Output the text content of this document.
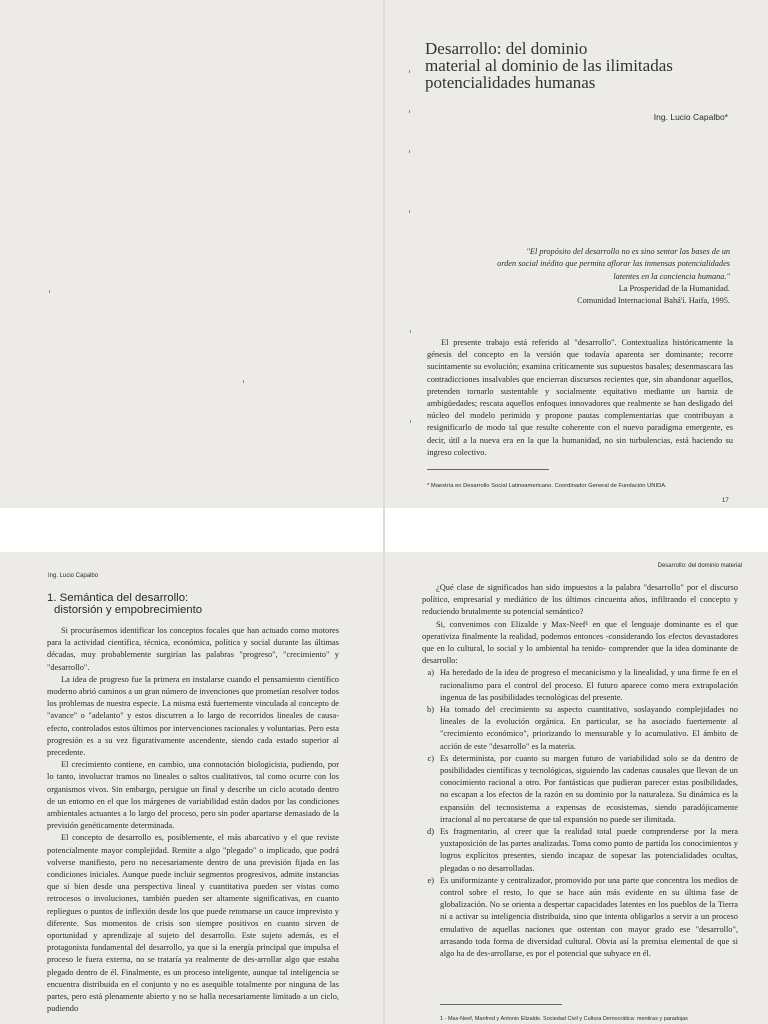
Desarrollo: del dominio
material al dominio de las ilimitadas
potencialidades humanas
Ing. Lucio Capalbo*
"El propósito del desarrollo no es sino sentar las bases de un
orden social inédito que permita aflorar las inmensas potencialidades
latentes en la conciencia humana."
La Prosperidad de la Humanidad.
Comunidad Internacional Bahá'í. Haifa, 1995.

El presente trabajo está referido al "desarrollo". Contextualiza históricamente la génesis del concepto en la versión que todavía aparenta ser dominante; recorre sucintamente su evolución; examina críticamente sus supuestos basales; desenmascara las contradicciones insalvables que encierran discursos recientes que, sin abandonar aquellos, pretenden tornarlo sustentable y socialmente equitativo mediante un barniz de ambigüedades; rescata aquellos enfoques innovadores que realmente se han desligado del núcleo del modelo perimido y propone pautas complementarias que contribuyan a resignificarlo de modo tal que resulte coherente con el nuevo paradigma emergente, es decir, útil a la nueva era en la que la humanidad, no sin turbulencias, está haciendo su ingreso colectivo.

* Maestría en Desarrollo Social Latinoamericano. Coordinador General de Fundación UNIDA.
17
Ing. Lucio Capalbo
1. Semántica del desarrollo:
distorsión y empobrecimiento

Si procurásemos identificar los conceptos focales que han actuado como motores para la actividad científica, técnica, económica, política y social durante las últimas décadas, muy probablemente surgirían las palabras "progreso", "crecimiento" y "desarrollo".

La idea de progreso fue la primera en instalarse cuando el pensamiento científico moderno abrió caminos a un gran número de invenciones que prometían resolver todos los problemas de nuestra especie. La misma está fuertemente vinculada al concepto de "avance" o "adelanto" y estos discurren a lo largo de recorridos lineales de causa-efecto, controlados estos últimos por intervenciones racionales y voluntarias. Pero esta progresión es a su vez figurativamente ascendente, siendo cada estado superior al precedente.

El crecimiento contiene, en cambio, una connotación biologicista, pudiendo, por lo tanto, involucrar tramos no lineales o saltos cualitativos, tal como ocurre con los organismos vivos. Sin embargo, persigue un final y describe un ciclo acotado dentro de un entorno en el que los márgenes de variabilidad están dados por las condiciones ambientales actuantes a lo largo del proceso, pero sin poder apartarse demasiado de la previsión genéticamente determinada.

El concepto de desarrollo es, posiblemente, el más abarcativo y el que reviste potencialmente mayor complejidad. Remite a algo "plegado" o implicado, que podrá volverse manifiesto, pero no necesariamente dentro de una previsión fijada en las condiciones iniciales. Aunque puede incluir segmentos progresivos, admite instancias que si bien desde una perspectiva lineal y cuantitativa pueden ser vistas como retrocesos o involuciones, también pueden ser altamente significativas, en cuanto repliegues o puntos de inflexión desde los que puede retomarse un cauce imprevisto y diferente. Sus momentos de crisis son siempre positivos en cuanto sirven de oportunidad y aprendizaje al sujeto del desarrollo. Este sujeto además, es el protagonista fundamental del desarrollo, ya que si la energía principal que impulsa el proceso le fuera externa, no se trataría ya realmente de des-arrollar algo que estaba plegado dentro de él. Finalmente, es un proceso inteligente, aunque tal inteligencia se encuentra distribuida en el conjunto y no es asequible totalmente por ninguna de las partes, pero está plenamente abierto y no se halla necesariamente limitado a un ciclo, pudiendo

Desarrollo: del dominio material

¿Qué clase de significados han sido impuestos a la palabra "desarrollo" por el discurso político, empresarial y mediático de los últimos cincuenta años, infiltrando el concepto y reduciendo brutalmente su potencial semántico?

Si, convenimos con Elizalde y Max-Neef¹ en que el lenguaje dominante es el que operativiza finalmente la realidad, podemos entonces -considerando los efectos devastadores que en lo cultural, lo social y lo ambiental ha tenido- comprender que la idea dominante de desarrollo:

a) Ha heredado de la idea de progreso el mecanicismo y la linealidad, y una firme fe en el racionalismo para el control del proceso. El futuro aparece como mera extrapolación ingenua de las posibilidades tecnológicas del presente.
b) Ha tomado del crecimiento su aspecto cuantitativo, soslayando complejidades no lineales de la evolución orgánica. En particular, se ha asociado fuertemente al "crecimiento económico", priorizando lo mensurable y lo acumulativo. El ámbito de acción de este "desarrollo" es la materia.
c) Es determinista, por cuanto su margen futuro de variabilidad solo se da dentro de posibilidades científicas y tecnológicas, siguiendo las cadenas causales que llevan de un conocimiento racional a otro. Por fantásticas que pudieran parecer estas posibilidades, no escapan a los efectos de la razón en su dominio por la naturaleza. Su dinámica es la expansión del tecnosistema a expensas de ecosistemas, siendo paradójicamente irracional al no percatarse de que tal expansión no puede ser ilimitada.
d) Es fragmentario, al creer que la realidad total puede comprenderse por la mera yuxtaposición de las partes analizadas. Toma como punto de partida los conocimientos y logros explícitos presentes, siendo incapaz de sopesar las potencialidades ocultas, plegadas o no desarrolladas.
e) Es uniformizante y centralizador, promovido por una parte que concentra los medios de control sobre el resto, lo que se hace aún más evidente en su última fase de globalización. No se orienta a despertar capacidades latentes en los pueblos de la Tierra ni a activar su inteligencia distribuida, sino que intenta obligarlos a servir a un proceso emulativo de aquellas naciones que ostentan con mayor grado ese "desarrollo", arrasando toda forma de diversidad cultural. Obvia así la premisa elemental de que si algo ha de des-arrollarse, es por el potencial que subyace en él.
1 - Max-Neef, Manfred y Antonio Elizalde. Sociedad Civil y Cultura Democrática: mentiras y paradojas
